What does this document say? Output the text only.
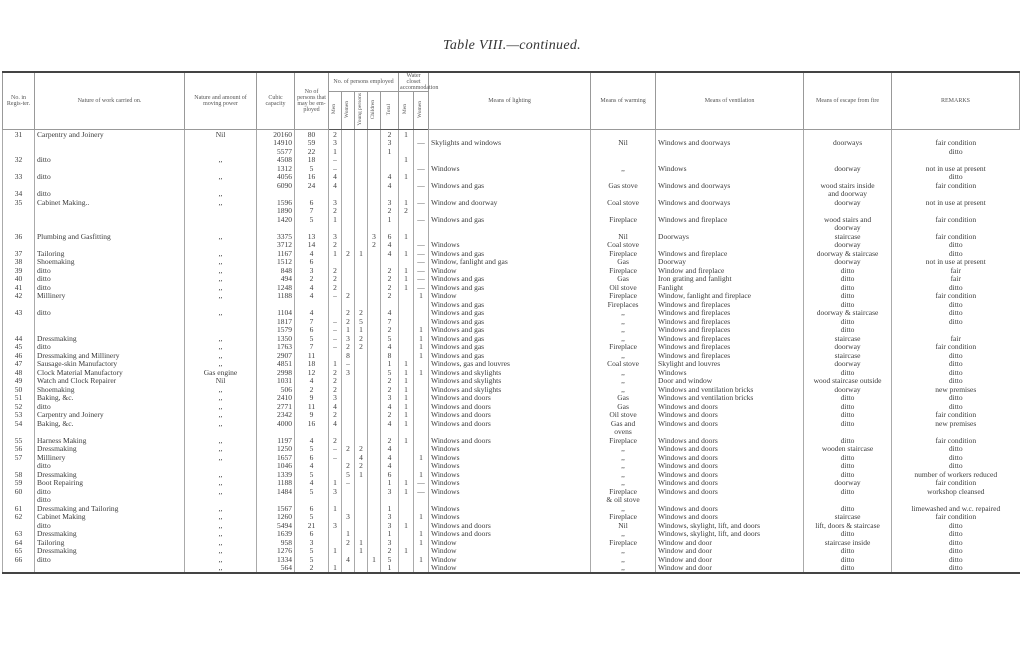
Table VIII.—continued.
No. in Regis-ter.	Nature of work carried on.	Nature and amount of moving power	Cubic capacity	No of persons that may be em-ployed	No. of persons employed					Water closet accommodation		Means of lighting	Means of warming	Means of ventilation	Means of escape from fire	REMARKS
					Men	Women	Young persons	Children	Total	Men	Women					
31	Carpentry and Joinery	Nil	20160	80	2				2	1						
			14910	59	3				3		—	Skylights and windows	Nil	Windows and doorways	doorways	fair condition
			5577	22	1				1							ditto
32	ditto	,,	4508	18	–					1						
			1312	5	–						—	Windows	,,	Windows	doorway	not in use at present
33	ditto	,,	4056	16	4				4	1						ditto
			6090	24	4				4		—	Windows and gas	Gas stove	Windows and doorways	wood stairs inside	fair condition
34	ditto	,,													and doorway	
35	Cabinet Making..	,,	1596	6	3				3	1	—	Window and doorway	Coal stove	Windows and doorways	doorway	not in use at present
			1890	7	2				2	2						
			1420	5	1				1		—	Windows and gas	Fireplace	Windows and fireplace	wood stairs and	fair condition
															doorway	
36	Plumbing and Gasfitting	,,	3375	13	3			3	6	1			Nil	Doorways	staircase	fair condition
			3712	14	2			2	4		—	Windows	Coal stove		doorway	ditto
37	Tailoring	,,	1167	4	1	2	1		4	1	—	Windows and gas	Fireplace	Windows and fireplace	doorway & staircase	ditto
38	Shoemaking	,,	1512	6							—	Window, fanlight and gas	Gas	Doorway	doorway	not in use at present
39	ditto	,,	848	3	2				2	1	—	Window	Fireplace	Window and fireplace	ditto	fair
40	ditto	,,	494	2	2				2	1	—	Windows and gas	Gas	Iron grating and fanlight	ditto	fair
41	ditto	,,	1248	4	2				2	1	—	Windows and gas	Oil stove	Fanlight	ditto	ditto
42	Millinery	,,	1188	4	–	2			2		1	Window	Fireplace	Window, fanlight and fireplace	ditto	fair condition
												Windows and gas	Fireplaces	Windows and fireplaces	ditto	ditto
43	ditto	,,	1104	4		2	2		4			Windows and gas	,,	Windows and fireplaces	doorway & staircase	ditto
			1817	7	–	2	5		7			Windows and gas	,,	Windows and fireplaces	ditto	ditto
			1579	6	–	1	1		2		1	Windows and gas	,,	Windows and fireplaces	ditto	
44	Dressmaking	,,	1350	5	–	3	2		5		1	Windows and gas	,,	Windows and fireplaces	staircase	fair
45	ditto	,,	1763	7	–	2	2		4		1	Windows and gas	Fireplace	Windows and fireplaces	doorway	fair condition
46	Dressmaking and Millinery	,,	2907	11		8			8		1	Windows and gas	,,	Windows and fireplaces	staircase	ditto
47	Sausage-skin Manufactory	,,	4851	18	1	–			1	1		Windows, gas and louvres	Coal stove	Skylight and louvres	doorway	ditto
48	Clock Material Manufactory	Gas engine	2998	12	2	3			5	1	1	Windows and skylights	,,	Windows	ditto	ditto
49	Watch and Clock Repairer	Nil	1031	4	2				2	1		Windows and skylights	,,	Door and window	wood staircase outside	ditto
50	Shoemaking	,,	506	2	2				2	1		Windows and skylights	,,	Windows and ventilation bricks	doorway	new premises
51	Baking, &c.	,,	2410	9	3				3	1		Windows and doors	Gas	Windows and ventilation bricks	ditto	ditto
52	ditto	,,	2771	11	4				4	1		Windows and doors	Gas	Windows and doors	ditto	ditto
53	Carpentry and Joinery	,,	2342	9	2				2	1		Windows and doors	Oil stove	Windows and doors	ditto	fair condition
54	Baking, &c.	,,	4000	16	4				4	1		Windows and doors	Gas and	Windows and doors	ditto	new premises
													ovens			
55	Harness Making	,,	1197	4	2				2	1		Windows and doors	Fireplace	Windows and doors	ditto	fair condition
56	Dressmaking	,,	1250	5	–	2	2		4			Windows	,,	Windows and doors	wooden staircase	ditto
57	Millinery	,,	1657	6	–		4		4		1	Windows	,,	Windows and doors	ditto	ditto
	ditto		1046	4		2	2		4			Windows	,,	Windows and doors	ditto	ditto
58	Dressmaking	,,	1339	5		5	1		6		1	Windows	,,	Windows and doors	ditto	number of workers reduced
59	Boot Repairing	,,	1188	4	1	–			1	1	—	Windows	,,	Windows and doors	doorway	fair condition
60	ditto	,,	1484	5	3				3	1	—	Windows	Fireplace	Windows and doors	ditto	workshop cleansed
	ditto												& oil stove			
61	Dressmaking and Tailoring	,,	1567	6	1				1			Windows	,,	Windows and doors	ditto	limewashed and w.c. repaired
62	Cabinet Making	,,	1260	5		3			3		1	Windows	Fireplace	Windows and doors	staircase	fair condition
	ditto	,,	5494	21	3				3	1		Windows and doors	Nil	Windows, skylight, lift, and doors	lift, doors & staircase	ditto
63	Dressmaking	,,	1639	6		1			1		1	Windows and doors	,,	Windows, skylight, lift, and doors	ditto	ditto
64	Tailoring	,,	958	3		2	1		3		1	Window	Fireplace	Window and door	staircase inside	ditto
65	Dressmaking	,,	1276	5	1		1		2	1		Window	,,	Window and door	ditto	ditto
66	ditto	,,	1334	5		4		1	5		1	Window	,,	Window and door	ditto	ditto
		,,	564	2	1				1			Window	,,	Window and door	ditto	ditto
